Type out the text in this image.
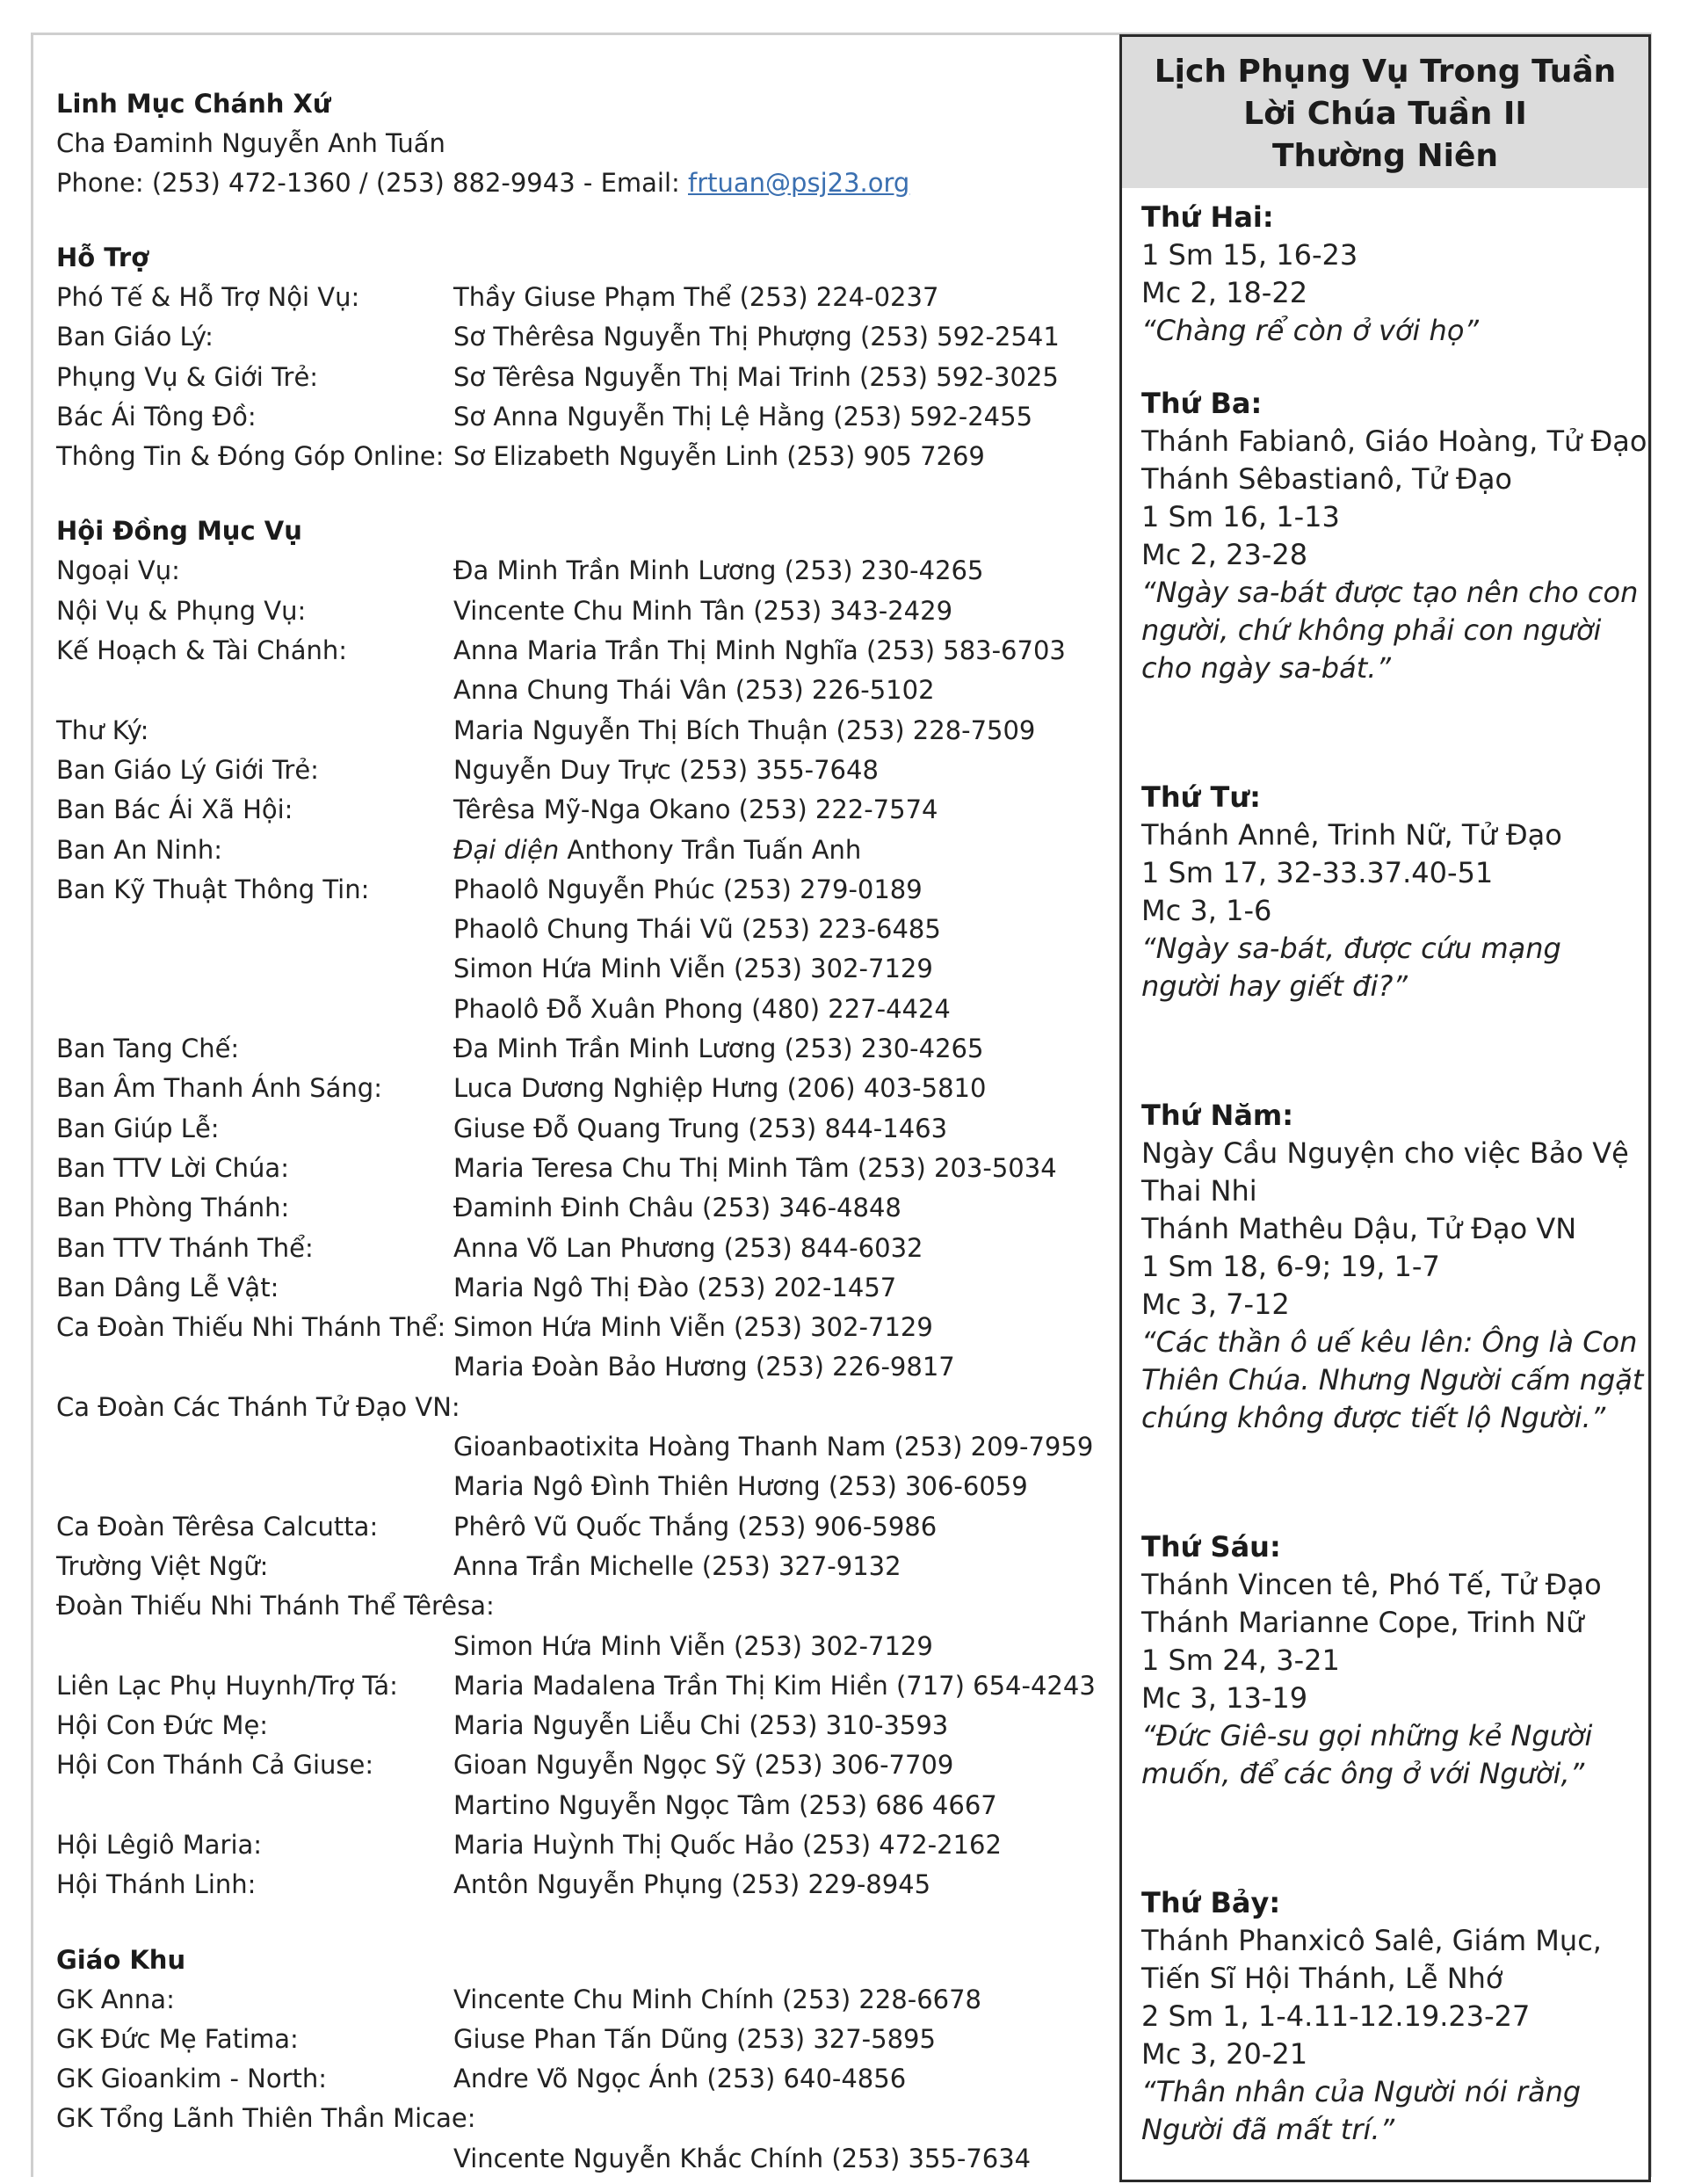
Linh Mục Chánh Xứ
Cha Đaminh Nguyễn Anh Tuấn
Phone: (253) 472-1360 / (253) 882-9943 - Email: frtuan@psj23.org
Hỗ Trợ
Phó Tế & Hỗ Trợ Nội Vụ:	Thầy Giuse Phạm Thể (253) 224-0237
Ban Giáo Lý:	Sơ Thêrêsa Nguyễn Thị Phượng (253) 592-2541
Phụng Vụ & Giới Trẻ:	Sơ Têrêsa Nguyễn Thị Mai Trinh (253) 592-3025
Bác Ái Tông Đồ:	Sơ Anna Nguyễn Thị Lệ Hằng (253) 592-2455
Thông Tin & Đóng Góp Online: Sơ Elizabeth Nguyễn Linh (253) 905 7269
Hội Đồng Mục Vụ
Ngoại Vụ:	Đa Minh Trần Minh Lương (253) 230-4265
Nội Vụ & Phụng Vụ:	Vincente Chu Minh Tân (253) 343-2429
Kế Hoạch & Tài Chánh:	Anna Maria Trần Thị Minh Nghĩa (253) 583-6703
Anna Chung Thái Vân (253) 226-5102
Thư Ký:	Maria Nguyễn Thị Bích Thuận (253) 228-7509
Ban Giáo Lý Giới Trẻ:	Nguyễn Duy Trực (253) 355-7648
Ban Bác Ái Xã Hội:	Têrêsa Mỹ-Nga Okano (253) 222-7574
Ban An Ninh:	Đại diện Anthony Trần Tuấn Anh
Ban Kỹ Thuật Thông Tin:	Phaolô Nguyễn Phúc (253) 279-0189
Phaolô Chung Thái Vũ (253) 223-6485
Simon Hứa Minh Viễn (253) 302-7129
Phaolô Đỗ Xuân Phong (480) 227-4424
Ban Tang Chế:	Đa Minh Trần Minh Lương (253) 230-4265
Ban Âm Thanh Ánh Sáng:	Luca Dương Nghiệp Hưng (206) 403-5810
Ban Giúp Lễ:	Giuse Đỗ Quang Trung (253) 844-1463
Ban TTV Lời Chúa:	Maria Teresa Chu Thị Minh Tâm (253) 203-5034
Ban Phòng Thánh:	Đaminh Đinh Châu (253) 346-4848
Ban TTV Thánh Thể:	Anna Võ Lan Phương (253) 844-6032
Ban Dâng Lễ Vật:	Maria Ngô Thị Đào (253) 202-1457
Ca Đoàn Thiếu Nhi Thánh Thể: Simon Hứa Minh Viễn (253) 302-7129
Maria Đoàn Bảo Hương (253) 226-9817
Ca Đoàn Các Thánh Tử Đạo VN:
Gioanbaotixita Hoàng Thanh Nam (253) 209-7959
Maria Ngô Đình Thiên Hương (253) 306-6059
Ca Đoàn Têrêsa Calcutta:	Phêrô Vũ Quốc Thắng (253) 906-5986
Trường Việt Ngữ:	Anna Trần Michelle (253) 327-9132
Đoàn Thiếu Nhi Thánh Thể Têrêsa:
Simon Hứa Minh Viễn (253) 302-7129
Liên Lạc Phụ Huynh/Trợ Tá:	Maria Madalena Trần Thị Kim Hiền (717) 654-4243
Hội Con Đức Mẹ:	Maria Nguyễn Liễu Chi (253) 310-3593
Hội Con Thánh Cả Giuse:	Gioan Nguyễn Ngọc Sỹ (253) 306-7709
Martino Nguyễn Ngọc Tâm (253) 686 4667
Hội Lêgiô Maria:	Maria Huỳnh Thị Quốc Hảo (253) 472-2162
Hội Thánh Linh:	Antôn Nguyễn Phụng (253) 229-8945
Giáo Khu
GK Anna:	Vincente Chu Minh Chính (253) 228-6678
GK Đức Mẹ Fatima:	Giuse Phan Tấn Dũng (253) 327-5895
GK Gioankim - North:	Andre Võ Ngọc Ánh (253) 640-4856
GK Tổng Lãnh Thiên Thần Micae:
Vincente Nguyễn Khắc Chính (253) 355-7634
Lịch Phụng Vụ Trong Tuần
Lời Chúa Tuần II
Thường Niên
Thứ Hai:
1 Sm 15, 16-23
Mc 2, 18-22
“Chàng rể còn ở với họ”
Thứ Ba:
Thánh Fabianô, Giáo Hoàng, Tử Đạo
Thánh Sêbastianô, Tử Đạo
1 Sm 16, 1-13
Mc 2, 23-28
“Ngày sa-bát được tạo nên cho con người, chứ không phải con người cho ngày sa-bát.”
Thứ Tư:
Thánh Annê, Trinh Nữ, Tử Đạo
1 Sm 17, 32-33.37.40-51
Mc 3, 1-6
“Ngày sa-bát, được cứu mạng người hay giết đi?”
Thứ Năm:
Ngày Cầu Nguyện cho việc Bảo Vệ Thai Nhi
Thánh Mathêu Dậu, Tử Đạo VN
1 Sm 18, 6-9; 19, 1-7
Mc 3, 7-12
“Các thần ô uế kêu lên: Ông là Con Thiên Chúa. Nhưng Người cấm ngặt chúng không được tiết lộ Người.”
Thứ Sáu:
Thánh Vincen tê, Phó Tế, Tử Đạo
Thánh Marianne Cope, Trinh Nữ
1 Sm 24, 3-21
Mc 3, 13-19
“Đức Giê-su gọi những kẻ Người muốn, để các ông ở với Người,”
Thứ Bảy:
Thánh Phanxicô Salê, Giám Mục, Tiến Sĩ Hội Thánh, Lễ Nhớ
2 Sm 1, 1-4.11-12.19.23-27
Mc 3, 20-21
“Thân nhân của Người nói rằng Người đã mất trí.”
